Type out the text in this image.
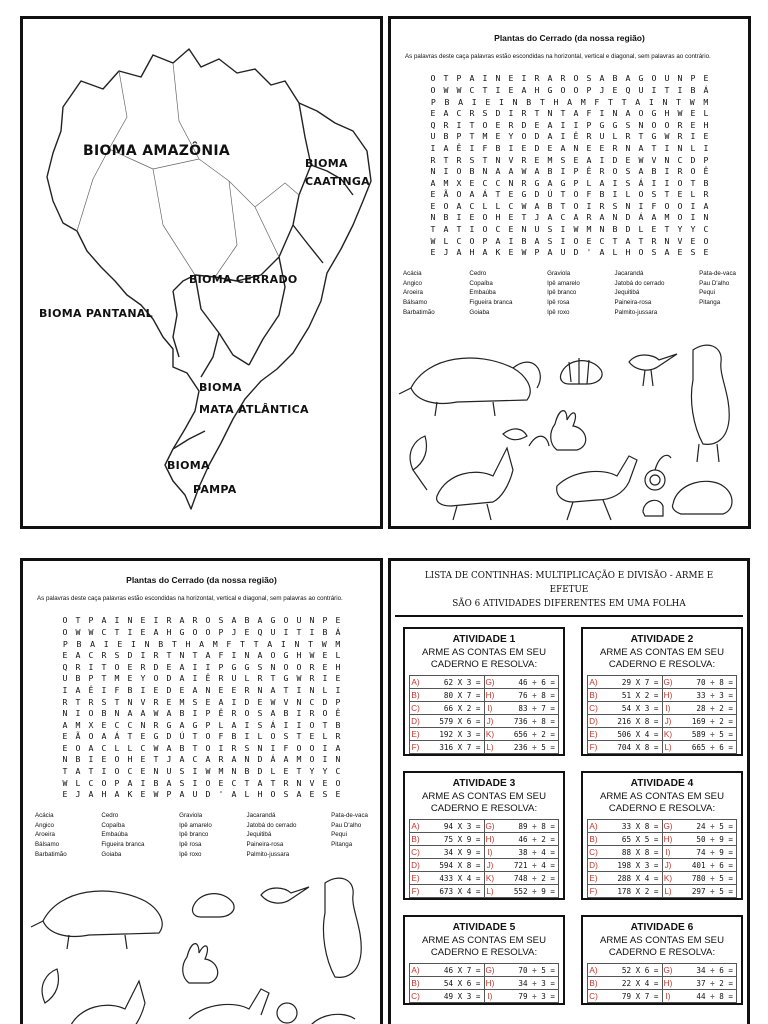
BIOMA AMAZÔNIA
BIOMA
CAATINGA
BIOMA CERRADO
BIOMA PANTANAL
BIOMA
MATA ATLÂNTICA
BIOMA
PAMPA
Plantas do Cerrado (da nossa região)
As palavras deste caça palavras estão escondidas na horizontal, vertical e diagonal, sem palavras ao contrário.
O T P A I N E I R A R O S A B A G O U N P E
O W W C T I E A H G O O P J E Q U I T I B Á
P	B	A	I	E	I	N	B	T	H	A	M	F	T	T	A	I	N	T	W	M
E A C R S D I R T N T A F I N A O G H W E L
Q R I T O E R D E A I I P G G S N O O R E H
U B P T M E Y O D A I Ê R U L R T G W R I E
I A Ê I F B I E D E A N E E R N A T I N L I
R T R S T N V R E M S E A I D E W V N C D P
N I O B N A A W A B I P Ê R O S A B I R O Ê
A M X E C C N R G A G P L A I S Á I I O T B
E Ã O A Á T E G D Ú T O F B I L O S T E L R
E O A C L L C W A B T O I R S N I F O O I A
N B I E O H E T J A C A R A N D Á A M O I N
T A T I O C E N U S I W M N B D L E T Y Y C
W L C O P A I B A S I O E C T A T R N V E O
E J A H A K E W P A U D ' A L H O S A E S E
Acácia
Angico
Aroeira
Bálsamo
Barbatimão
Cedro
Copaíba
Embaúba
Figueira branca
Goiaba
Graviola
Ipê amarelo
Ipê branco
Ipê rosa
Ipê roxo
Jacarandá
Jatobá do cerrado
Jequitibá
Paineira-rosa
Palmito-jussara
Pata-de-vaca
Pau D'alho
Pequi
Pitanga
Plantas do Cerrado (da nossa região)
As palavras deste caça palavras estão escondidas na horizontal, vertical e diagonal, sem palavras ao contrário.
O T P A I N E I R A R O S A B A G O U N P E
O W W C T I E A H G O O P J E Q U I T I B Á
P	B	A	I	E	I	N	B	T	H	A	M	F	T	T	A	I	N	T	W	M
E A C R S D I R T N T A F I N A O G H W E L
Q R I T O E R D E A I I P G G S N O O R E H
U B P T M E Y O D A I Ê R U L R T G W R I E
I A Ê I F B I E D E A N E E R N A T I N L I
R T R S T N V R E M S E A I D E W V N C D P
N I O B N A A W A B I P Ê R O S A B I R O Ê
A M X E C C N R G A G P L A I S Á I I O T B
E Ã O A Á T E G D Ú T O F B I L O S T E L R
E O A C L L C W A B T O I R S N I F O O I A
N B I E O H E T J A C A R A N D Á A M O I N
T A T I O C E N U S I W M N B D L E T Y Y C
W L C O P A I B A S I O E C T A T R N V E O
E J A H A K E W P A U D ' A L H O S A E S E
Acácia
Angico
Aroeira
Bálsamo
Barbatimão
Cedro
Copaíba
Embaúba
Figueira branca
Goiaba
Graviola
Ipê amarelo
Ipê branco
Ipê rosa
Ipê roxo
Jacarandá
Jatobá do cerrado
Jequitibá
Paineira-rosa
Palmito-jussara
Pata-de-vaca
Pau D'alho
Pequi
Pitanga
LISTA DE CONTINHAS: MULTIPLICAÇÃO E DIVISÃO - ARME E
EFETUE
SÃO 6 ATIVIDADES DIFERENTES EM UMA FOLHA
ATIVIDADE 1
ARME AS CONTAS EM SEU CADERNO E RESOLVA:
A)	62 X 3 = G)	46 ÷ 6 =
B)	80 X 7 = H)	76 ÷ 8 =
C)	66 X 2 = I)	83 ÷ 7 =
D)	579 X 6 = J)	736 ÷ 8 =
E)	192 X 3 = K)	656 ÷ 2 =
F)	316 X 7 = L)	236 ÷ 5 =
ATIVIDADE 2
ARME AS CONTAS EM SEU CADERNO E RESOLVA:
A)	29 X 7 = G)	70 ÷ 8 =
B)	51 X 2 = H)	33 ÷ 3 =
C)	54 X 3 = I)	28 ÷ 2 =
D)	216 X 8 = J)	169 ÷ 2 =
E)	506 X 4 = K)	589 ÷ 5 =
F)	704 X 8 = L)	665 ÷ 6 =
ATIVIDADE 3
ARME AS CONTAS EM SEU CADERNO E RESOLVA:
A)	94 X 3 = G)	89 ÷ 8 =
B)	75 X 9 = H)	46 ÷ 2 =
C)	34 X 9 = I)	38 ÷ 4 =
D)	594 X 8 = J)	721 ÷ 4 =
E)	433 X 4 = K)	748 ÷ 2 =
F)	673 X 4 = L)	552 ÷ 9 =
ATIVIDADE 4
ARME AS CONTAS EM SEU CADERNO E RESOLVA:
A)	33 X 8 = G)	24 ÷ 5 =
B)	65 X 5 = H)	50 ÷ 9 =
C)	88 X 8 = I)	74 ÷ 9 =
D)	198 X 3 = J)	401 ÷ 6 =
E)	288 X 4 = K)	780 ÷ 5 =
F)	178 X 2 = L)	297 ÷ 5 =
ATIVIDADE 5
ARME AS CONTAS EM SEU CADERNO E RESOLVA:
A)	46 X 7 = G)	70 ÷ 5 =
B)	54 X 6 = H)	34 ÷ 3 =
C)	49 X 3 = I)	79 ÷ 3 =
ATIVIDADE 6
ARME AS CONTAS EM SEU CADERNO E RESOLVA:
A)	52 X 6 = G)	34 ÷ 6 =
B)	22 X 4 = H)	37 ÷ 2 =
C)	79 X 7 = I)	44 ÷ 8 =
